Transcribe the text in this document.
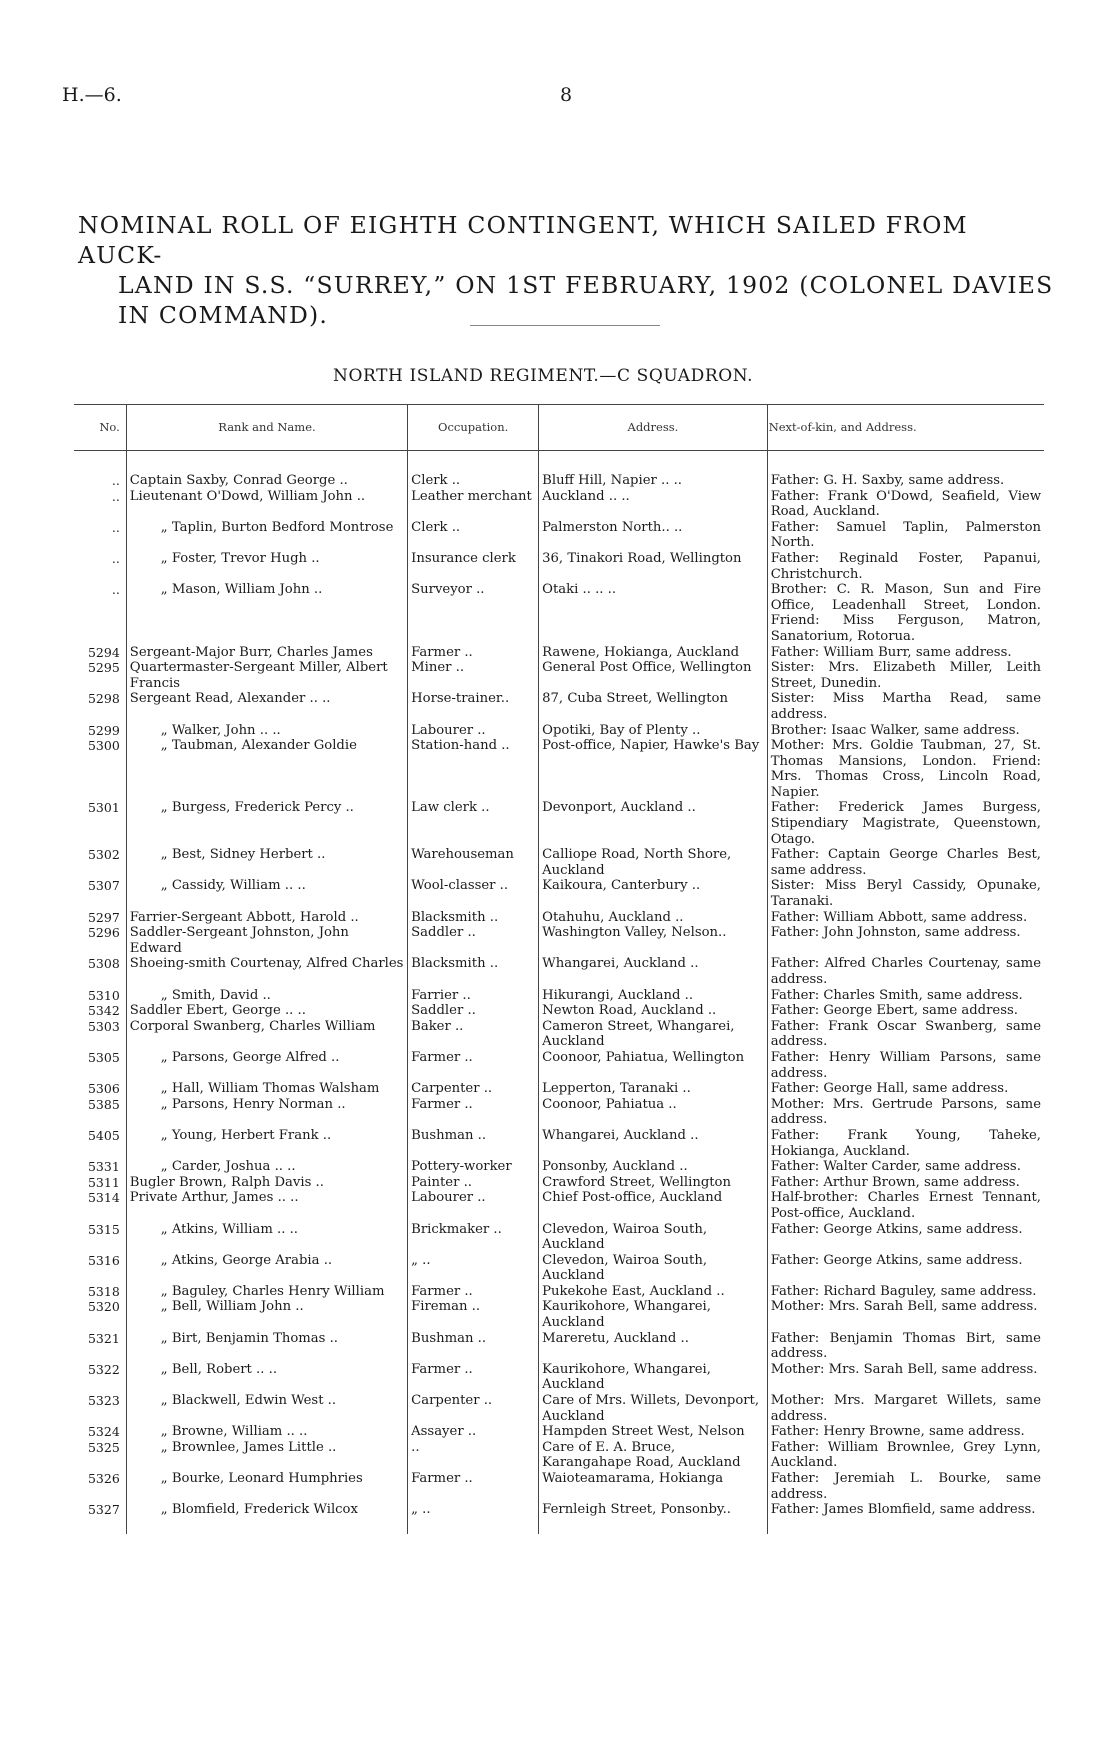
H.—6.	8
NOMINAL ROLL OF EIGHTH CONTINGENT, WHICH SAILED FROM AUCK-
LAND IN S.S. “SURREY,” ON 1ST FEBRUARY, 1902 (COLONEL DAVIES IN COMMAND).
NORTH ISLAND REGIMENT.—C SQUADRON.
No.	Rank and Name.	Occupation.	Address.	Next-of-kin, and Address.
..	Captain Saxby, Conrad George ..	Clerk ..	Bluff Hill, Napier .. ..	Father: G. H. Saxby, same address.
..	Lieutenant O'Dowd, William John ..	Leather merchant	Auckland .. ..	Father: Frank O'Dowd, Seafield, View Road, Auckland.
..	„ Taplin, Burton Bedford Montrose	Clerk ..	Palmerston North.. ..	Father: Samuel Taplin, Palmerston North.
..	„ Foster, Trevor Hugh ..	Insurance clerk	36, Tinakori Road, Wellington	Father: Reginald Foster, Papanui, Christchurch.
..	„ Mason, William John ..	Surveyor ..	Otaki .. .. ..	Brother: C. R. Mason, Sun and Fire Office, Leadenhall Street, London. Friend: Miss Ferguson, Matron, Sanatorium, Rotorua.
5294	Sergeant-Major Burr, Charles James	Farmer ..	Rawene, Hokianga, Auckland	Father: William Burr, same address.
5295	Quartermaster-Sergeant Miller, Albert Francis	Miner ..	General Post Office, Wellington	Sister: Mrs. Elizabeth Miller, Leith Street, Dunedin.
5298	Sergeant Read, Alexander .. ..	Horse-trainer..	87, Cuba Street, Wellington	Sister: Miss Martha Read, same address.
5299	„ Walker, John .. ..	Labourer ..	Opotiki, Bay of Plenty ..	Brother: Isaac Walker, same address.
5300	„ Taubman, Alexander Goldie	Station-hand ..	Post-office, Napier, Hawke's Bay	Mother: Mrs. Goldie Taubman, 27, St. Thomas Mansions, London. Friend: Mrs. Thomas Cross, Lincoln Road, Napier.
5301	„ Burgess, Frederick Percy ..	Law clerk ..	Devonport, Auckland ..	Father: Frederick James Burgess, Stipendiary Magistrate, Queenstown, Otago.
5302	„ Best, Sidney Herbert ..	Warehouseman	Calliope Road, North Shore, Auckland	Father: Captain George Charles Best, same address.
5307	„ Cassidy, William .. ..	Wool-classer ..	Kaikoura, Canterbury ..	Sister: Miss Beryl Cassidy, Opunake, Taranaki.
5297	Farrier-Sergeant Abbott, Harold ..	Blacksmith ..	Otahuhu, Auckland ..	Father: William Abbott, same address.
5296	Saddler-Sergeant Johnston, John Edward	Saddler ..	Washington Valley, Nelson..	Father: John Johnston, same address.
5308	Shoeing-smith Courtenay, Alfred Charles	Blacksmith ..	Whangarei, Auckland ..	Father: Alfred Charles Courtenay, same address.
5310	„ Smith, David ..	Farrier ..	Hikurangi, Auckland ..	Father: Charles Smith, same address.
5342	Saddler Ebert, George .. ..	Saddler ..	Newton Road, Auckland ..	Father: George Ebert, same address.
5303	Corporal Swanberg, Charles William	Baker ..	Cameron Street, Whangarei, Auckland	Father: Frank Oscar Swanberg, same address.
5305	„ Parsons, George Alfred ..	Farmer ..	Coonoor, Pahiatua, Wellington	Father: Henry William Parsons, same address.
5306	„ Hall, William Thomas Walsham	Carpenter ..	Lepperton, Taranaki ..	Father: George Hall, same address.
5385	„ Parsons, Henry Norman ..	Farmer ..	Coonoor, Pahiatua ..	Mother: Mrs. Gertrude Parsons, same address.
5405	„ Young, Herbert Frank ..	Bushman ..	Whangarei, Auckland ..	Father: Frank Young, Taheke, Hokianga, Auckland.
5331	„ Carder, Joshua .. ..	Pottery-worker	Ponsonby, Auckland ..	Father: Walter Carder, same address.
5311	Bugler Brown, Ralph Davis ..	Painter ..	Crawford Street, Wellington	Father: Arthur Brown, same address.
5314	Private Arthur, James .. ..	Labourer ..	Chief Post-office, Auckland	Half-brother: Charles Ernest Tennant, Post-office, Auckland.
5315	„ Atkins, William .. ..	Brickmaker ..	Clevedon, Wairoa South, Auckland	Father: George Atkins, same address.
5316	„ Atkins, George Arabia ..	„ ..	Clevedon, Wairoa South, Auckland	Father: George Atkins, same address.
5318	„ Baguley, Charles Henry William	Farmer ..	Pukekohe East, Auckland ..	Father: Richard Baguley, same address.
5320	„ Bell, William John ..	Fireman ..	Kaurikohore, Whangarei, Auckland	Mother: Mrs. Sarah Bell, same address.
5321	„ Birt, Benjamin Thomas ..	Bushman ..	Mareretu, Auckland ..	Father: Benjamin Thomas Birt, same address.
5322	„ Bell, Robert .. ..	Farmer ..	Kaurikohore, Whangarei, Auckland	Mother: Mrs. Sarah Bell, same address.
5323	„ Blackwell, Edwin West ..	Carpenter ..	Care of Mrs. Willets, Devonport, Auckland	Mother: Mrs. Margaret Willets, same address.
5324	„ Browne, William .. ..	Assayer ..	Hampden Street West, Nelson	Father: Henry Browne, same address.
5325	„ Brownlee, James Little ..	..	Care of E. A. Bruce, Karangahape Road, Auckland	Father: William Brownlee, Grey Lynn, Auckland.
5326	„ Bourke, Leonard Humphries	Farmer ..	Waioteamarama, Hokianga	Father: Jeremiah L. Bourke, same address.
5327	„ Blomfield, Frederick Wilcox	„ ..	Fernleigh Street, Ponsonby..	Father: James Blomfield, same address.
